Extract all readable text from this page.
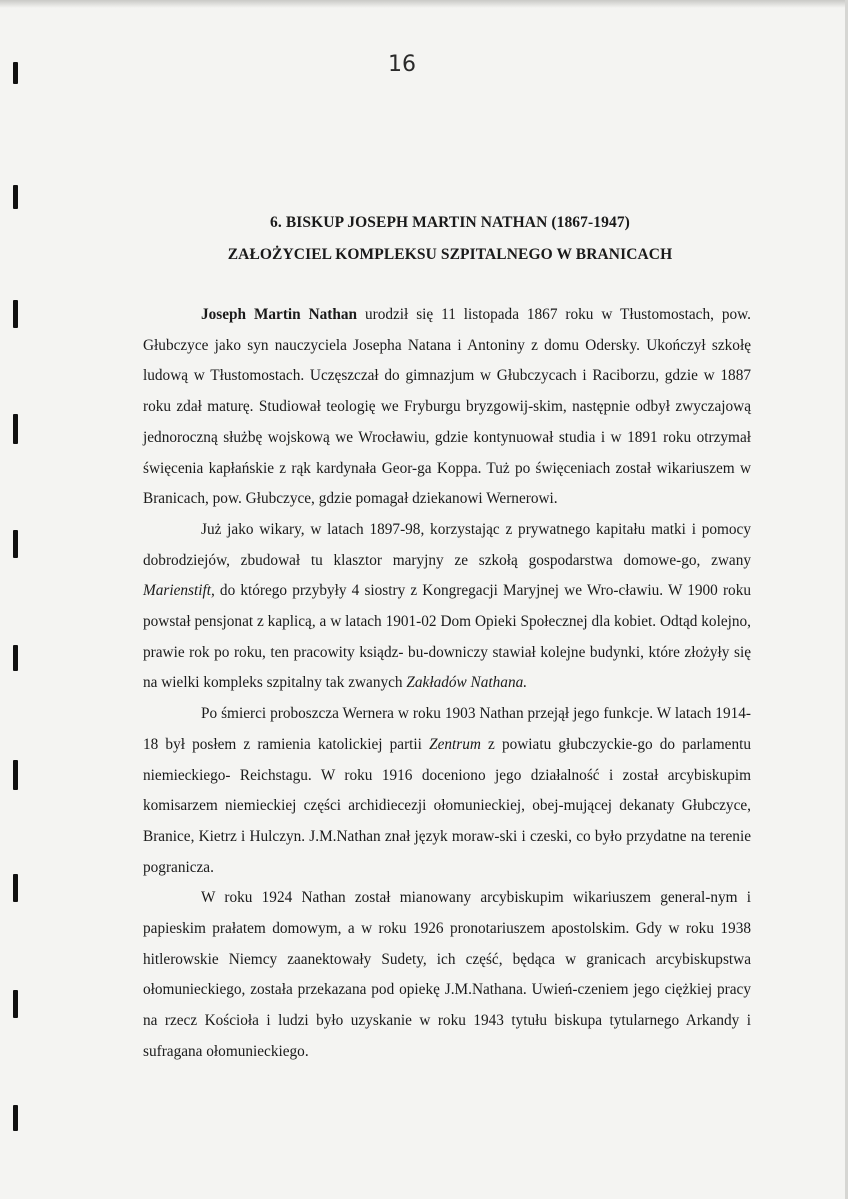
16
6. BISKUP JOSEPH MARTIN NATHAN (1867-1947)
ZAŁOŻYCIEL KOMPLEKSU SZPITALNEGO W BRANICACH

Joseph Martin Nathan urodził się 11 listopada 1867 roku w Tłustomostach, pow. Głubczyce jako syn nauczyciela Josepha Natana i Antoniny z domu Odersky. Ukończył szkołę ludową w Tłustomostach. Uczęszczał do gimnazjum w Głubczycach i Raciborzu, gdzie w 1887 roku zdał maturę. Studiował teologię we Fryburgu bryzgowij-skim, następnie odbył zwyczajową jednoroczną służbę wojskową we Wrocławiu, gdzie kontynuował studia i w 1891 roku otrzymał święcenia kapłańskie z rąk kardynała Geor-ga Koppa. Tuż po święceniach został wikariuszem w Branicach, pow. Głubczyce, gdzie pomagał dziekanowi Wernerowi.

Już jako wikary, w latach 1897-98, korzystając z prywatnego kapitału matki i pomocy dobrodziejów, zbudował tu klasztor maryjny ze szkołą gospodarstwa domowe-go, zwany Marienstift, do którego przybyły 4 siostry z Kongregacji Maryjnej we Wro-cławiu. W 1900 roku powstał pensjonat z kaplicą, a w latach 1901-02 Dom Opieki Społecznej dla kobiet. Odtąd kolejno, prawie rok po roku, ten pracowity ksiądz- bu-downiczy stawiał kolejne budynki, które złożyły się na wielki kompleks szpitalny tak zwanych Zakładów Nathana.

Po śmierci proboszcza Wernera w roku 1903 Nathan przejął jego funkcje. W latach 1914-18 był posłem z ramienia katolickiej partii Zentrum z powiatu głubczyckie-go do parlamentu niemieckiego- Reichstagu. W roku 1916 doceniono jego działalność i został arcybiskupim komisarzem niemieckiej części archidiecezji ołomunieckiej, obej-mującej dekanaty Głubczyce, Branice, Kietrz i Hulczyn. J.M.Nathan znał język moraw-ski i czeski, co było przydatne na terenie pogranicza.

W roku 1924 Nathan został mianowany arcybiskupim wikariuszem general-nym i papieskim prałatem domowym, a w roku 1926 pronotariuszem apostolskim. Gdy w roku 1938 hitlerowskie Niemcy zaanektowały Sudety, ich część, będąca w granicach arcybiskupstwa ołomunieckiego, została przekazana pod opiekę J.M.Nathana. Uwień-czeniem jego ciężkiej pracy na rzecz Kościoła i ludzi było uzyskanie w roku 1943 tytułu biskupa tytularnego Arkandy i sufragana ołomunieckiego.
